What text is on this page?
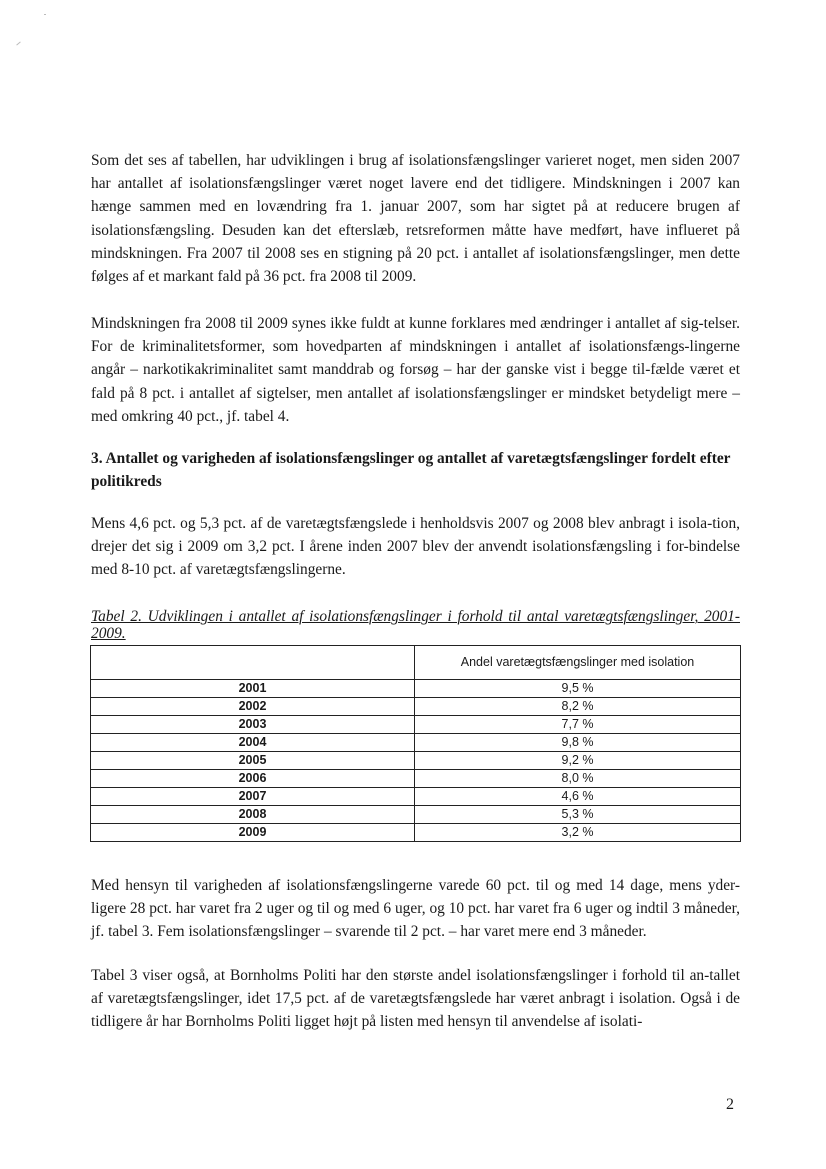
Som det ses af tabellen, har udviklingen i brug af isolationsfængslinger varieret noget, men siden 2007 har antallet af isolationsfængslinger været noget lavere end det tidligere. Mindskningen i 2007 kan hænge sammen med en lovændring fra 1. januar 2007, som har sigtet på at reducere brugen af isolationsfængsling. Desuden kan det efterslæb, retsreformen måtte have medført, have influeret på mindskningen. Fra 2007 til 2008 ses en stigning på 20 pct. i antallet af isolationsfængslinger, men dette følges af et markant fald på 36 pct. fra 2008 til 2009.

Mindskningen fra 2008 til 2009 synes ikke fuldt at kunne forklares med ændringer i antallet af sig-telser. For de kriminalitetsformer, som hovedparten af mindskningen i antallet af isolationsfængs-lingerne angår – narkotikakriminalitet samt manddrab og forsøg – har der ganske vist i begge til-fælde været et fald på 8 pct. i antallet af sigtelser, men antallet af isolationsfængslinger er mindsket betydeligt mere – med omkring 40 pct., jf. tabel 4.

3. Antallet og varigheden af isolationsfængslinger og antallet af varetægtsfængslinger fordelt efter politikreds

Mens 4,6 pct. og 5,3 pct. af de varetægtsfængslede i henholdsvis 2007 og 2008 blev anbragt i isola-tion, drejer det sig i 2009 om 3,2 pct. I årene inden 2007 blev der anvendt isolationsfængsling i for-bindelse med 8-10 pct. af varetægtsfængslingerne.

Tabel 2. Udviklingen i antallet af isolationsfængslinger i forhold til antal varetægtsfængslinger, 2001-2009.

	Andel varetægtsfængslinger med isolation
2001	9,5 %
2002	8,2 %
2003	7,7 %
2004	9,8 %
2005	9,2 %
2006	8,0 %
2007	4,6 %
2008	5,3 %
2009	3,2 %

Med hensyn til varigheden af isolationsfængslingerne varede 60 pct. til og med 14 dage, mens yder-ligere 28 pct. har varet fra 2 uger og til og med 6 uger, og 10 pct. har varet fra 6 uger og indtil 3 måneder, jf. tabel 3. Fem isolationsfængslinger – svarende til 2 pct. – har varet mere end 3 måneder.

Tabel 3 viser også, at Bornholms Politi har den største andel isolationsfængslinger i forhold til an-tallet af varetægtsfængslinger, idet 17,5 pct. af de varetægtsfængslede har været anbragt i isolation. Også i de tidligere år har Bornholms Politi ligget højt på listen med hensyn til anvendelse af isolati-

2
